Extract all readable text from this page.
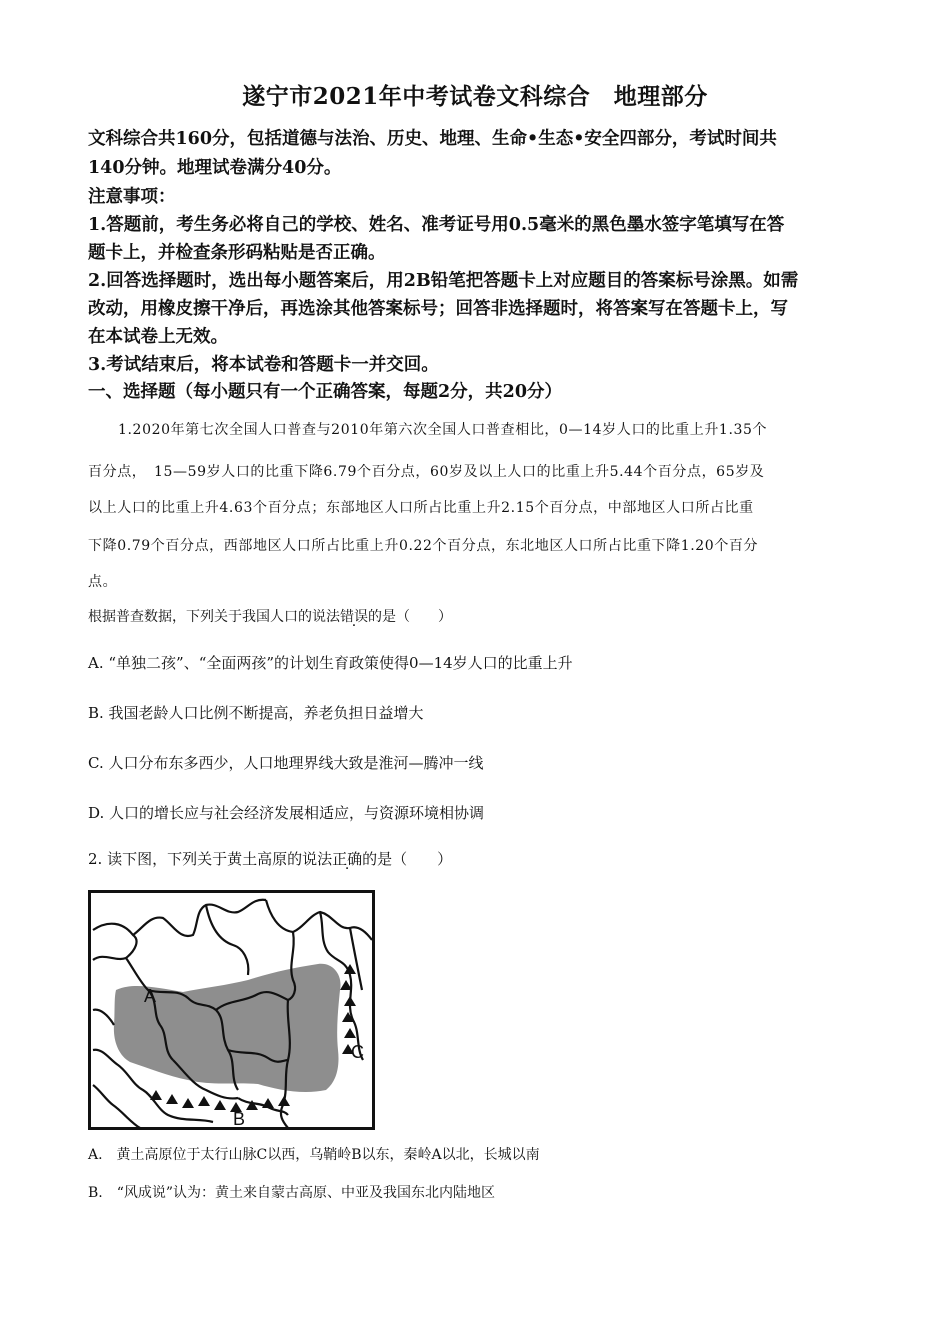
遂宁市2021年中考试卷文科综合　地理部分
文科综合共160分，包括道德与法治、历史、地理、生命•生态•安全四部分，考试时间共
140分钟。地理试卷满分40分。
注意事项：
1.答题前，考生务必将自己的学校、姓名、准考证号用0.5毫米的黑色墨水签字笔填写在答
题卡上，并检查条形码粘贴是否正确。
2.回答选择题时，选出每小题答案后，用2B铅笔把答题卡上对应题目的答案标号涂黑。如需
改动，用橡皮擦干净后，再选涂其他答案标号；回答非选择题时，将答案写在答题卡上，写
在本试卷上无效。
3.考试结束后，将本试卷和答题卡一并交回。
一、选择题（每小题只有一个正确答案，每题2分，共20分）
1.2020年第七次全国人口普查与2010年第六次全国人口普查相比，0—14岁人口的比重上升1.35个
百分点，　15—59岁人口的比重下降6.79个百分点，60岁及以上人口的比重上升5.44个百分点，65岁及
以上人口的比重上升4.63个百分点；东部地区人口所占比重上升2.15个百分点，中部地区人口所占比重
下降0.79个百分点，西部地区人口所占比重上升0.22个百分点，东北地区人口所占比重下降1.20个百分
点。
根据普查数据，下列关于我国人口的说法错误的是（　　）
A. “单独二孩”、“全面两孩”的计划生育政策使得0—14岁人口的比重上升
B. 我国老龄人口比例不断提高，养老负担日益增大
C. 人口分布东多西少，人口地理界线大致是淮河—腾冲一线
D. 人口的增长应与社会经济发展相适应，与资源环境相协调
2. 读下图，下列关于黄土高原的说法正确的是（　　）
A
B
C
A.　黄土高原位于太行山脉C以西，乌鞘岭B以东，秦岭A以北，长城以南
B.　“风成说”认为：黄土来自蒙古高原、中亚及我国东北内陆地区
